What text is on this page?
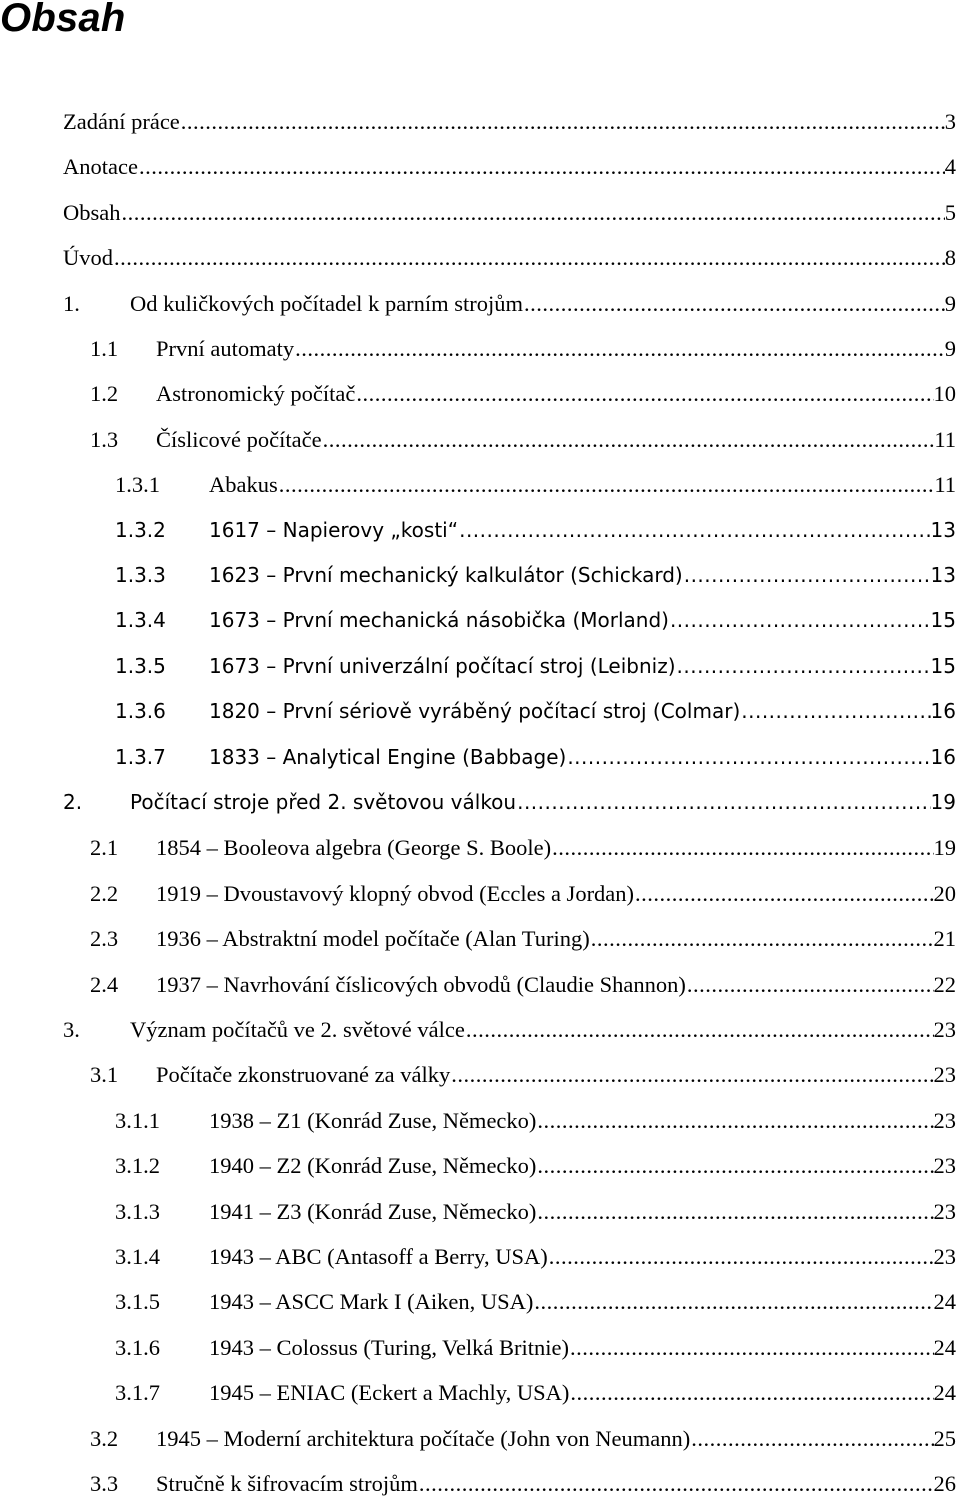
Obsah
Zadání práce .....	3
Anotace .....	4
Obsah .....	5
Úvod .....	8
1.	Od kuličkových počítadel k parním strojům .....	9
1.1	První automaty .....	9
1.2	Astronomický počítač .....	10
1.3	Číslicové počítače .....	11
1.3.1	Abakus .....	11
1.3.2	1617 – Napierovy „kosti“ .....	13
1.3.3	1623 – První mechanický kalkulátor (Schickard) .....	13
1.3.4	1673 – První mechanická násobička (Morland) .....	15
1.3.5	1673 – První univerzální počítací stroj (Leibniz) .....	15
1.3.6	1820 – První sériově vyráběný počítací stroj (Colmar) .....	16
1.3.7	1833 – Analytical Engine (Babbage) .....	16
2.	Počítací stroje před 2. světovou válkou .....	19
2.1	1854 – Booleova algebra (George S. Boole) .....	19
2.2	1919 – Dvoustavový klopný obvod (Eccles a Jordan) .....	20
2.3	1936 – Abstraktní model počítače (Alan Turing) .....	21
2.4	1937 – Navrhování číslicových obvodů (Claudie Shannon) .....	22
3.	Význam počítačů ve 2. světové válce .....	23
3.1	Počítače zkonstruované za války .....	23
3.1.1	1938 – Z1 (Konrád Zuse, Německo) .....	23
3.1.2	1940 – Z2 (Konrád Zuse, Německo) .....	23
3.1.3	1941 – Z3 (Konrád Zuse, Německo) .....	23
3.1.4	1943 – ABC (Antasoff a Berry, USA) .....	23
3.1.5	1943 – ASCC Mark I (Aiken, USA) .....	24
3.1.6	1943 – Colossus (Turing, Velká Britnie) .....	24
3.1.7	1945 – ENIAC (Eckert a Machly, USA) .....	24
3.2	1945 – Moderní architektura počítače (John von Neumann) .....	25
3.3	Stručně k šifrovacím strojům .....	26
